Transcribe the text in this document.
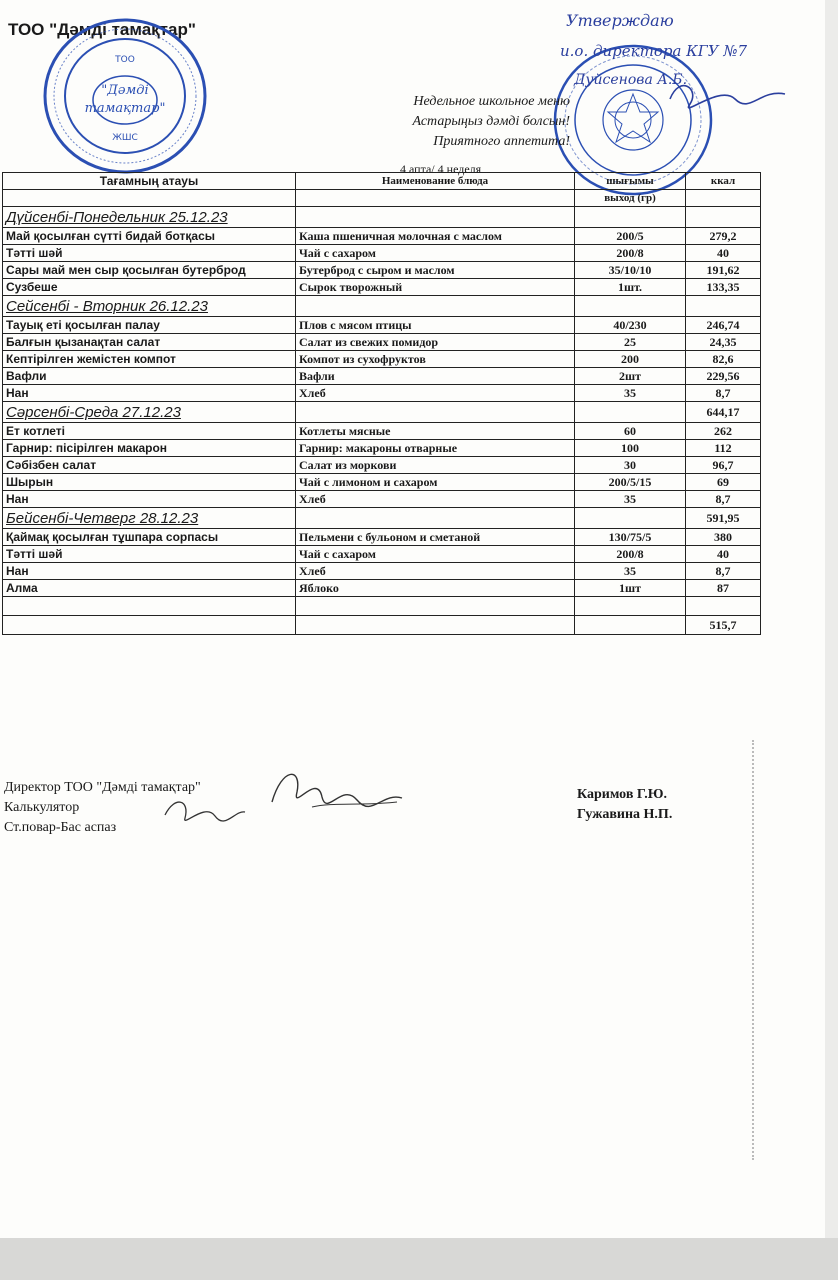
ТОО "Дәмді тамақтар"
ТОО
"Дәмді
тамақтар"
ЖШС
Утверждаю
и.о. директора КГУ №7
Дуйсенова А.Б.
Недельное школьное меню
Астарыңыз дәмді болсын!
Приятного аппетита!
4 апта/ 4 неделя
Тағамның атауы	Наименование блюда	шығымы	ккал
		выход (гр)	
Дүйсенбі-Понедельник 25.12.23			
Май қосылған сүтті бидай ботқасы	Каша пшеничная молочная с маслом	200/5	279,2
Тәтті шәй	Чай с сахаром	200/8	40
Сары май мен сыр қосылған бутерброд	Бутерброд с сыром и маслом	35/10/10	191,62
Сузбеше	Сырок творожный	1шт.	133,35
Сейсенбі - Вторник 26.12.23			
Тауық еті қосылған палау	Плов с мясом птицы	40/230	246,74
Балғын қызанақтан салат	Салат из свежих помидор	25	24,35
Кептірілген жемістен компот	Компот из сухофруктов	200	82,6
Вафли	Вафли	2шт	229,56
Нан	Хлеб	35	8,7
Сәрсенбі-Среда 27.12.23			644,17
Ет котлеті	Котлеты мясные	60	262
Гарнир: пісірілген макарон	Гарнир: макароны отварные	100	112
Сәбізбен салат	Салат из моркови	30	96,7
Шырын	Чай с лимоном и сахаром	200/5/15	69
Нан	Хлеб	35	8,7
Бейсенбі-Четверг 28.12.23			591,95
Қаймақ қосылған тұшпара сорпасы	Пельмени с бульоном и сметаной	130/75/5	380
Тәтті шәй	Чай с сахаром	200/8	40
Нан	Хлеб	35	8,7
Алма	Яблоко	1шт	87

			515,7
Директор ТОО "Дәмді тамақтар"
Калькулятор
Ст.повар-Бас аспаз
Каримов Г.Ю.
Гужавина Н.П.
